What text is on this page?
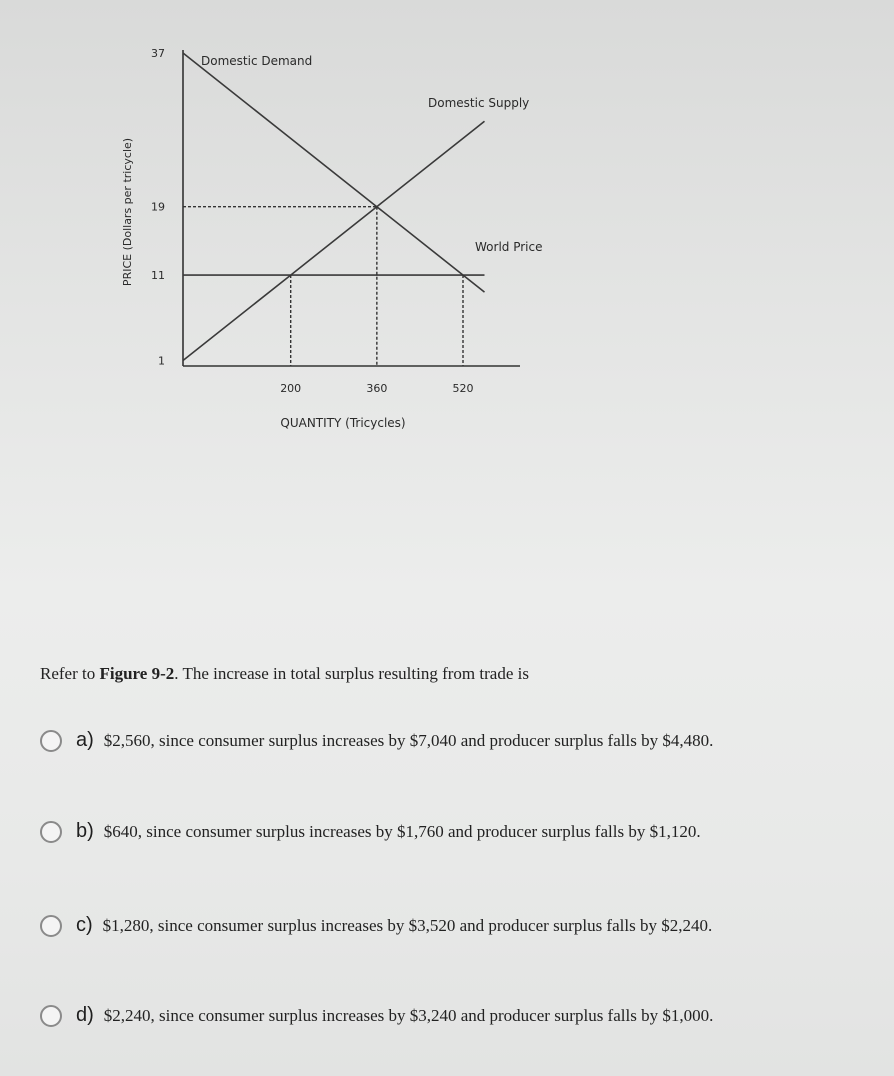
37
19
11
1
200	360	520
QUANTITY (Tricycles)
PRICE (Dollars per tricycle)
Domestic Demand
Domestic Supply
World Price
Refer to Figure 9-2. The increase in total surplus resulting from trade is
a) $2,560, since consumer surplus increases by $7,040 and producer surplus falls by $4,480.
b) $640, since consumer surplus increases by $1,760 and producer surplus falls by $1,120.
c) $1,280, since consumer surplus increases by $3,520 and producer surplus falls by $2,240.
d) $2,240, since consumer surplus increases by $3,240 and producer surplus falls by $1,000.
